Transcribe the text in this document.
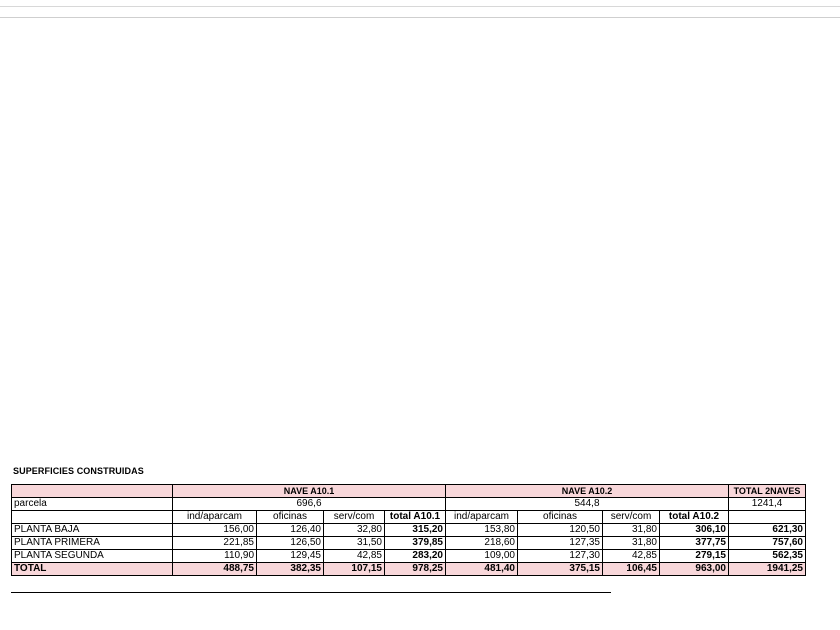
SUPERFICIES CONSTRUIDAS
	NAVE A10.1				NAVE A10.2				TOTAL 2NAVES
parcela	696,6				544,8				1241,4
	ind/aparcam	oficinas	serv/com	total A10.1	ind/aparcam	oficinas	serv/com	total A10.2	
PLANTA BAJA	156,00	126,40	32,80	315,20	153,80	120,50	31,80	306,10	621,30
PLANTA PRIMERA	221,85	126,50	31,50	379,85	218,60	127,35	31,80	377,75	757,60
PLANTA SEGUNDA	110,90	129,45	42,85	283,20	109,00	127,30	42,85	279,15	562,35
TOTAL	488,75	382,35	107,15	978,25	481,40	375,15	106,45	963,00	1941,25
